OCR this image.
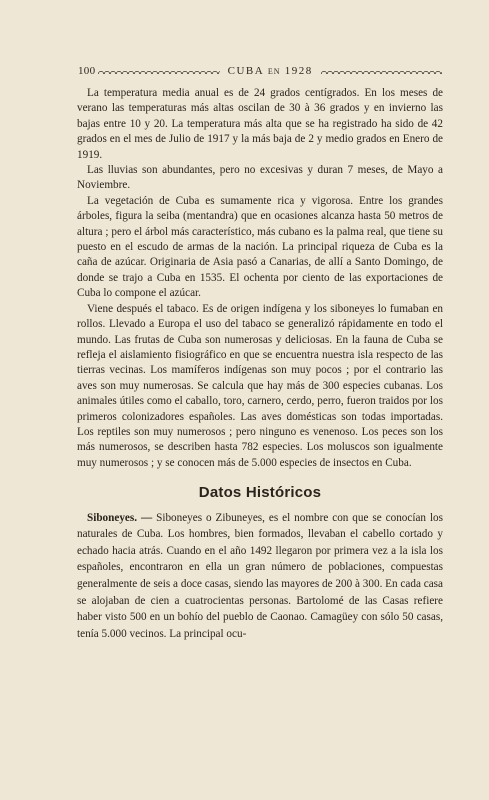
100	CUBA EN 1928

La temperatura media anual es de 24 grados centígrados. En los meses de verano las temperaturas más altas oscilan de 30 à 36 grados y en invierno las bajas entre 10 y 20. La temperatura más alta que se ha registrado ha sido de 42 grados en el mes de Julio de 1917 y la más baja de 2 y medio grados en Enero de 1919.

Las lluvias son abundantes, pero no excesivas y duran 7 meses, de Mayo a Noviembre.

La vegetación de Cuba es sumamente rica y vigorosa. Entre los grandes árboles, figura la seiba (mentandra) que en ocasiones alcanza hasta 50 metros de altura ; pero el árbol más característico, más cubano es la palma real, que tiene su puesto en el escudo de armas de la nación. La principal riqueza de Cuba es la caña de azúcar. Originaria de Asia pasó a Canarias, de allí a Santo Domingo, de donde se trajo a Cuba en 1535. El ochenta por ciento de las exportaciones de Cuba lo compone el azúcar.

Viene después el tabaco. Es de origen indígena y los siboneyes lo fumaban en rollos. Llevado a Europa el uso del tabaco se generalizó rápidamente en todo el mundo. Las frutas de Cuba son numerosas y deliciosas. En la fauna de Cuba se refleja el aislamiento fisiográfico en que se encuentra nuestra isla respecto de las tierras vecinas. Los mamíferos indígenas son muy pocos ; por el contrario las aves son muy numerosas. Se calcula que hay más de 300 especies cubanas. Los animales útiles como el caballo, toro, carnero, cerdo, perro, fueron traidos por los primeros colonizadores españoles. Las aves domésticas son todas importadas. Los reptiles son muy numerosos ; pero ninguno es venenoso. Los peces son los más numerosos, se describen hasta 782 especies. Los moluscos son igualmente muy numerosos ; y se conocen más de 5.000 especies de insectos en Cuba.

Datos Históricos

Siboneyes. — Siboneyes o Zibuneyes, es el nombre con que se conocían los naturales de Cuba. Los hombres, bien formados, llevaban el cabello cortado y echado hacia atrás. Cuando en el año 1492 llegaron por primera vez a la isla los españoles, encontraron en ella un gran número de poblaciones, compuestas generalmente de seis a doce casas, siendo las mayores de 200 à 300. En cada casa se alojaban de cien a cuatrocientas personas. Bartolomé de las Casas refiere haber visto 500 en un bohío del pueblo de Caonao. Camagüey con sólo 50 casas, tenía 5.000 vecinos. La principal ocu-
